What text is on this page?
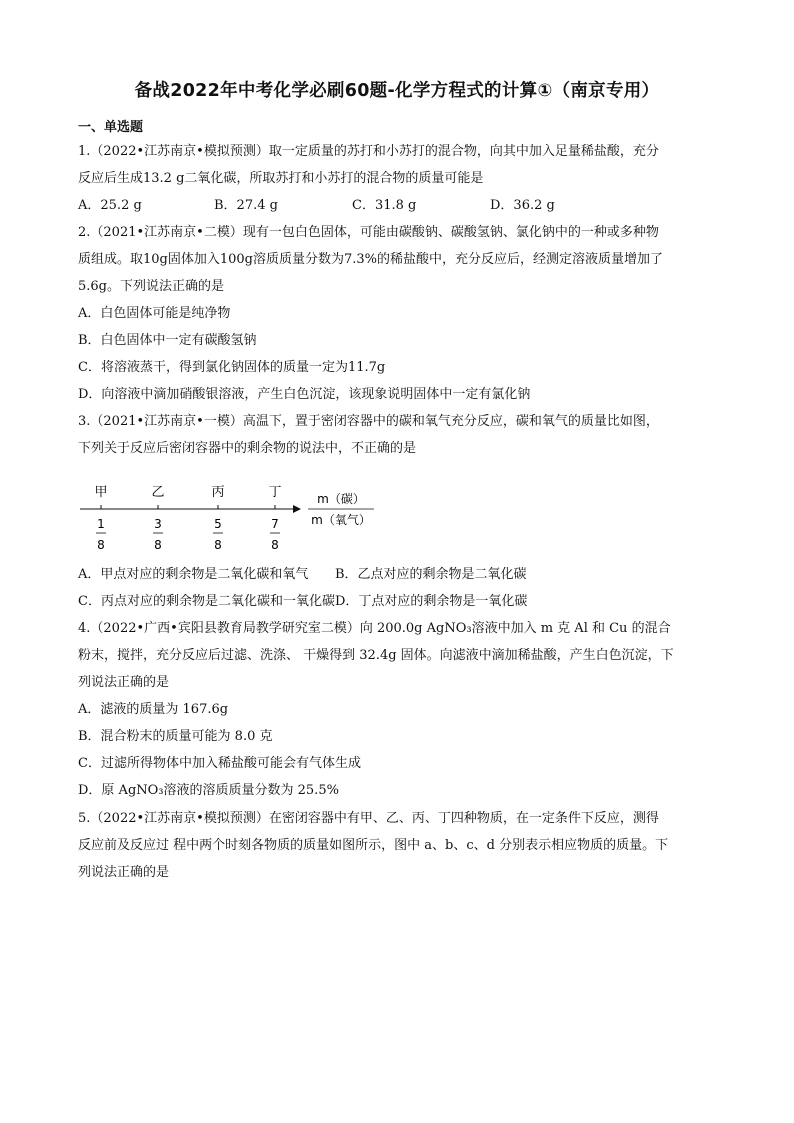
备战2022年中考化学必刷60题-化学方程式的计算①（南京专用）
一、单选题
1.（2022•江苏南京•模拟预测）取一定质量的苏打和小苏打的混合物，向其中加入足量稀盐酸，充分
反应后生成13.2 g二氧化碳，所取苏打和小苏打的混合物的质量可能是
A．25.2 g	B．27.4 g	C．31.8 g	D．36.2 g
2.（2021•江苏南京•二模）现有一包白色固体，可能由碳酸钠、碳酸氢钠、氯化钠中的一种或多种物
质组成。取10g固体加入100g溶质质量分数为7.3%的稀盐酸中，充分反应后，经测定溶液质量增加了
5.6g。下列说法正确的是
A．白色固体可能是纯净物
B．白色固体中一定有碳酸氢钠
C．将溶液蒸干，得到氯化钠固体的质量一定为11.7g
D．向溶液中滴加硝酸银溶液，产生白色沉淀，该现象说明固体中一定有氯化钠
3.（2021•江苏南京•一模）高温下，置于密闭容器中的碳和氧气充分反应，碳和氧气的质量比如图，
下列关于反应后密闭容器中的剩余物的说法中，不正确的是
甲
1
8
乙
3
8
丙
5
8
丁
7
8
m（碳）
m（氧气）
A．甲点对应的剩余物是二氧化碳和氧气 B．乙点对应的剩余物是二氧化碳
C．丙点对应的剩余物是二氧化碳和一氧化碳 D．丁点对应的剩余物是一氧化碳
4.（2022•广西•宾阳县教育局教学研究室二模）向 200.0g AgNO₃溶液中加入 m 克 Al 和 Cu 的混合
粉末，搅拌，充分反应后过滤、洗涤、 干燥得到 32.4g 固体。向滤液中滴加稀盐酸，产生白色沉淀，下
列说法正确的是
A．滤液的质量为 167.6g
B．混合粉末的质量可能为 8.0 克
C．过滤所得物体中加入稀盐酸可能会有气体生成
D．原 AgNO₃溶液的溶质质量分数为 25.5%
5.（2022•江苏南京•模拟预测）在密闭容器中有甲、乙、丙、丁四种物质，在一定条件下反应，测得
反应前及反应过 程中两个时刻各物质的质量如图所示，图中 a、b、c、d 分别表示相应物质的质量。下
列说法正确的是
